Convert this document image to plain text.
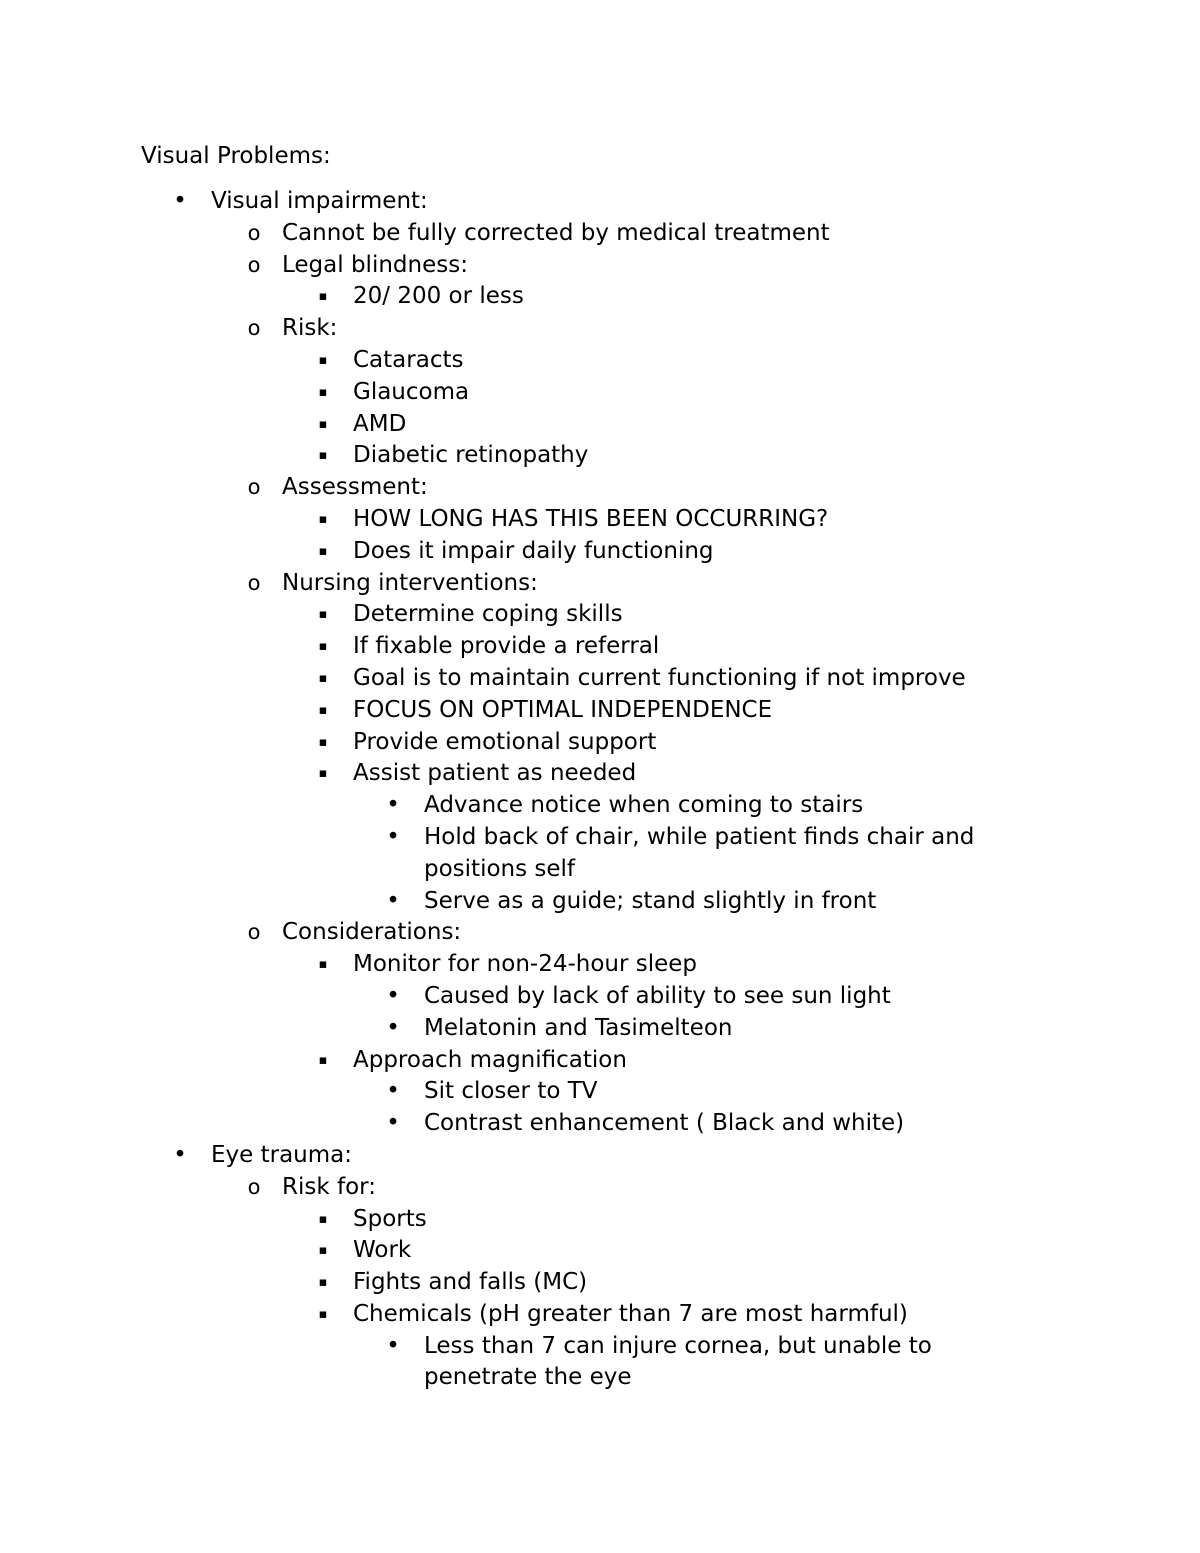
Visual Problems:
• Visual impairment:
o Cannot be fully corrected by medical treatment
o Legal blindness:
▪	20/ 200 or less
o Risk:
▪	Cataracts
▪	Glaucoma
▪	AMD
▪	Diabetic retinopathy
o Assessment:
▪	HOW LONG HAS THIS BEEN OCCURRING?
▪	Does it impair daily functioning
o Nursing interventions:
▪	Determine coping skills
▪	If fixable provide a referral
▪	Goal is to maintain current functioning if not improve
▪	FOCUS ON OPTIMAL INDEPENDENCE
▪	Provide emotional support
▪	Assist patient as needed
• Advance notice when coming to stairs
• Hold back of chair, while patient finds chair and
positions self
• Serve as a guide; stand slightly in front
o Considerations:
▪	Monitor for non-24-hour sleep
• Caused by lack of ability to see sun light
• Melatonin and Tasimelteon
▪	Approach magnification
• Sit closer to TV
• Contrast enhancement ( Black and white)
• Eye trauma:
o Risk for:
▪	Sports
▪	Work
▪	Fights and falls (MC)
▪	Chemicals (pH greater than 7 are most harmful)
• Less than 7 can injure cornea, but unable to
penetrate the eye
